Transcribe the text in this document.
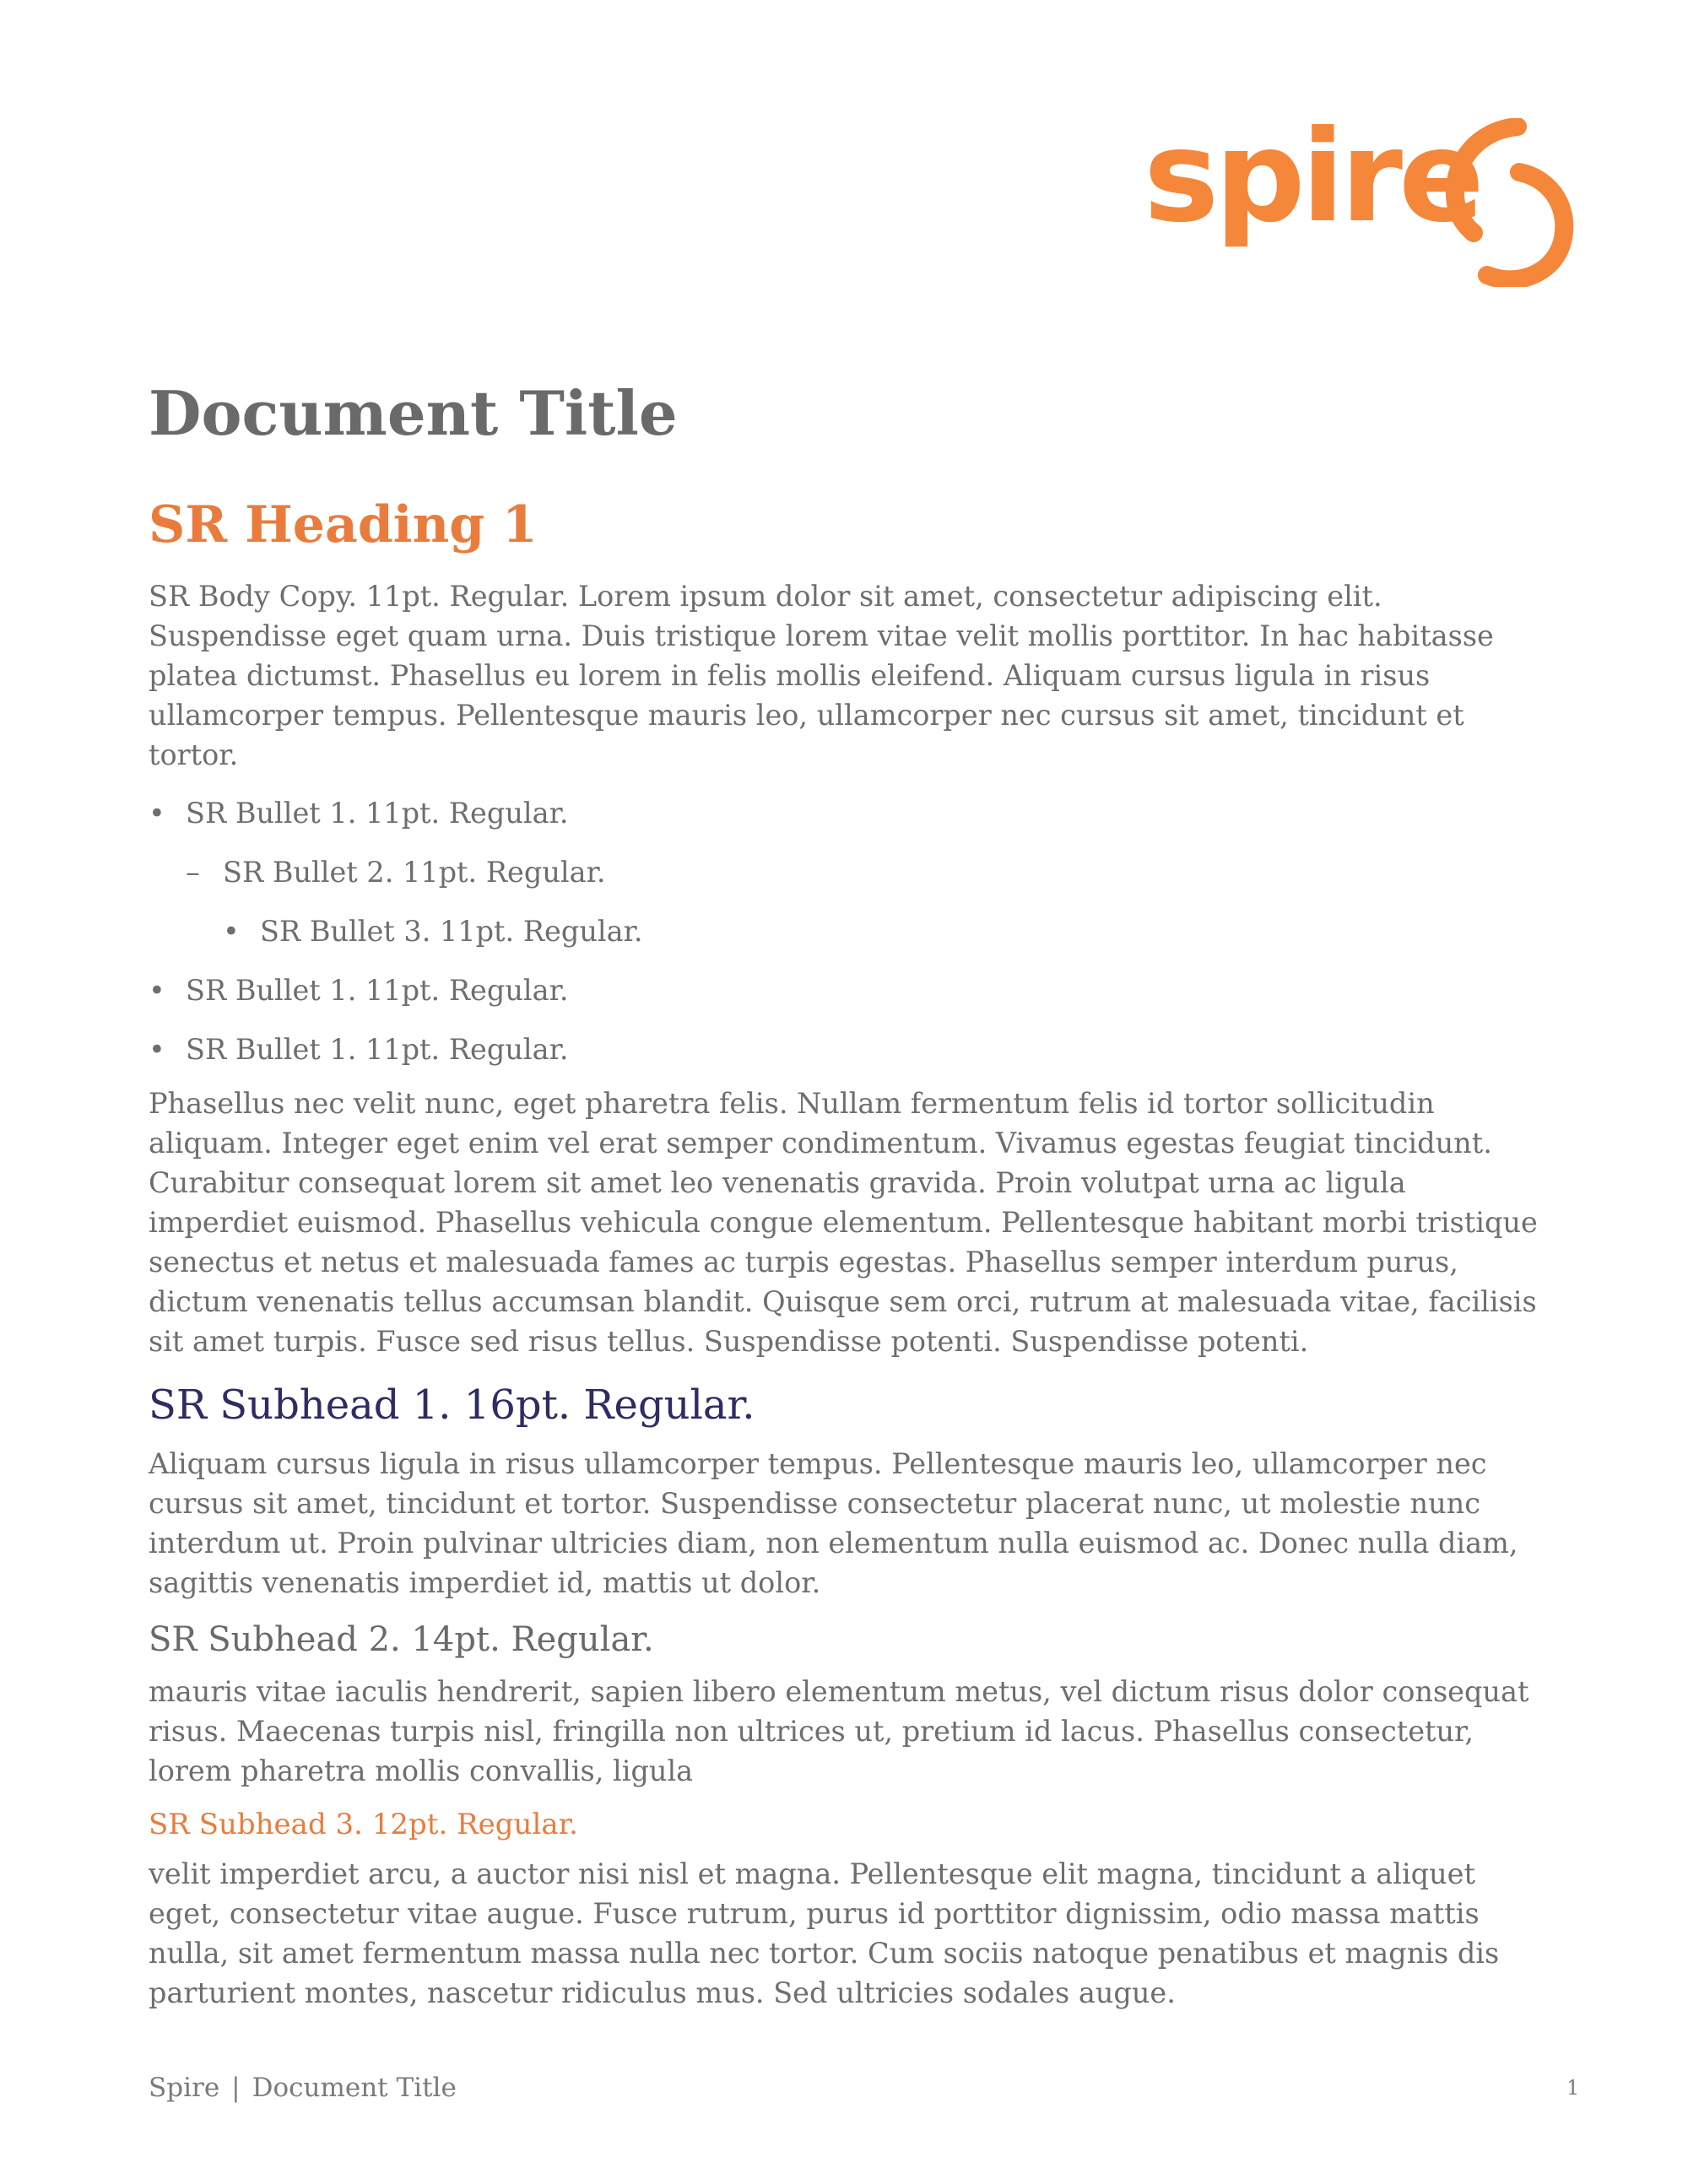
spire
Document Title
SR Heading 1

SR Body Copy. 11pt. Regular. Lorem ipsum dolor sit amet, consectetur adipiscing elit. Suspendisse eget quam urna. Duis tristique lorem vitae velit mollis porttitor. In hac habitasse platea dictumst. Phasellus eu lorem in felis mollis eleifend. Aliquam cursus ligula in risus ullamcorper tempus. Pellentesque mauris leo, ullamcorper nec cursus sit amet, tincidunt et tortor.

• SR Bullet 1. 11pt. Regular.
– SR Bullet 2. 11pt. Regular.
• SR Bullet 3. 11pt. Regular.
• SR Bullet 1. 11pt. Regular.
• SR Bullet 1. 11pt. Regular.

Phasellus nec velit nunc, eget pharetra felis. Nullam fermentum felis id tortor sollicitudin aliquam. Integer eget enim vel erat semper condimentum. Vivamus egestas feugiat tincidunt. Curabitur consequat lorem sit amet leo venenatis gravida. Proin volutpat urna ac ligula imperdiet euismod. Phasellus vehicula congue elementum. Pellentesque habitant morbi tristique senectus et netus et malesuada fames ac turpis egestas. Phasellus semper interdum purus, dictum venenatis tellus accumsan blandit. Quisque sem orci, rutrum at malesuada vitae, facilisis sit amet turpis. Fusce sed risus tellus. Suspendisse potenti. Suspendisse potenti.

SR Subhead 1. 16pt. Regular.

Aliquam cursus ligula in risus ullamcorper tempus. Pellentesque mauris leo, ullamcorper nec cursus sit amet, tincidunt et tortor. Suspendisse consectetur placerat nunc, ut molestie nunc interdum ut. Proin pulvinar ultricies diam, non elementum nulla euismod ac. Donec nulla diam, sagittis venenatis imperdiet id, mattis ut dolor.

SR Subhead 2. 14pt. Regular.

mauris vitae iaculis hendrerit, sapien libero elementum metus, vel dictum risus dolor consequat risus. Maecenas turpis nisl, fringilla non ultrices ut, pretium id lacus. Phasellus consectetur, lorem pharetra mollis convallis, ligula

SR Subhead 3. 12pt. Regular.

velit imperdiet arcu, a auctor nisi nisl et magna. Pellentesque elit magna, tincidunt a aliquet eget, consectetur vitae augue. Fusce rutrum, purus id porttitor dignissim, odio massa mattis nulla, sit amet fermentum massa nulla nec tortor. Cum sociis natoque penatibus et magnis dis parturient montes, nascetur ridiculus mus. Sed ultricies sodales augue.

Spire | Document Title	1
